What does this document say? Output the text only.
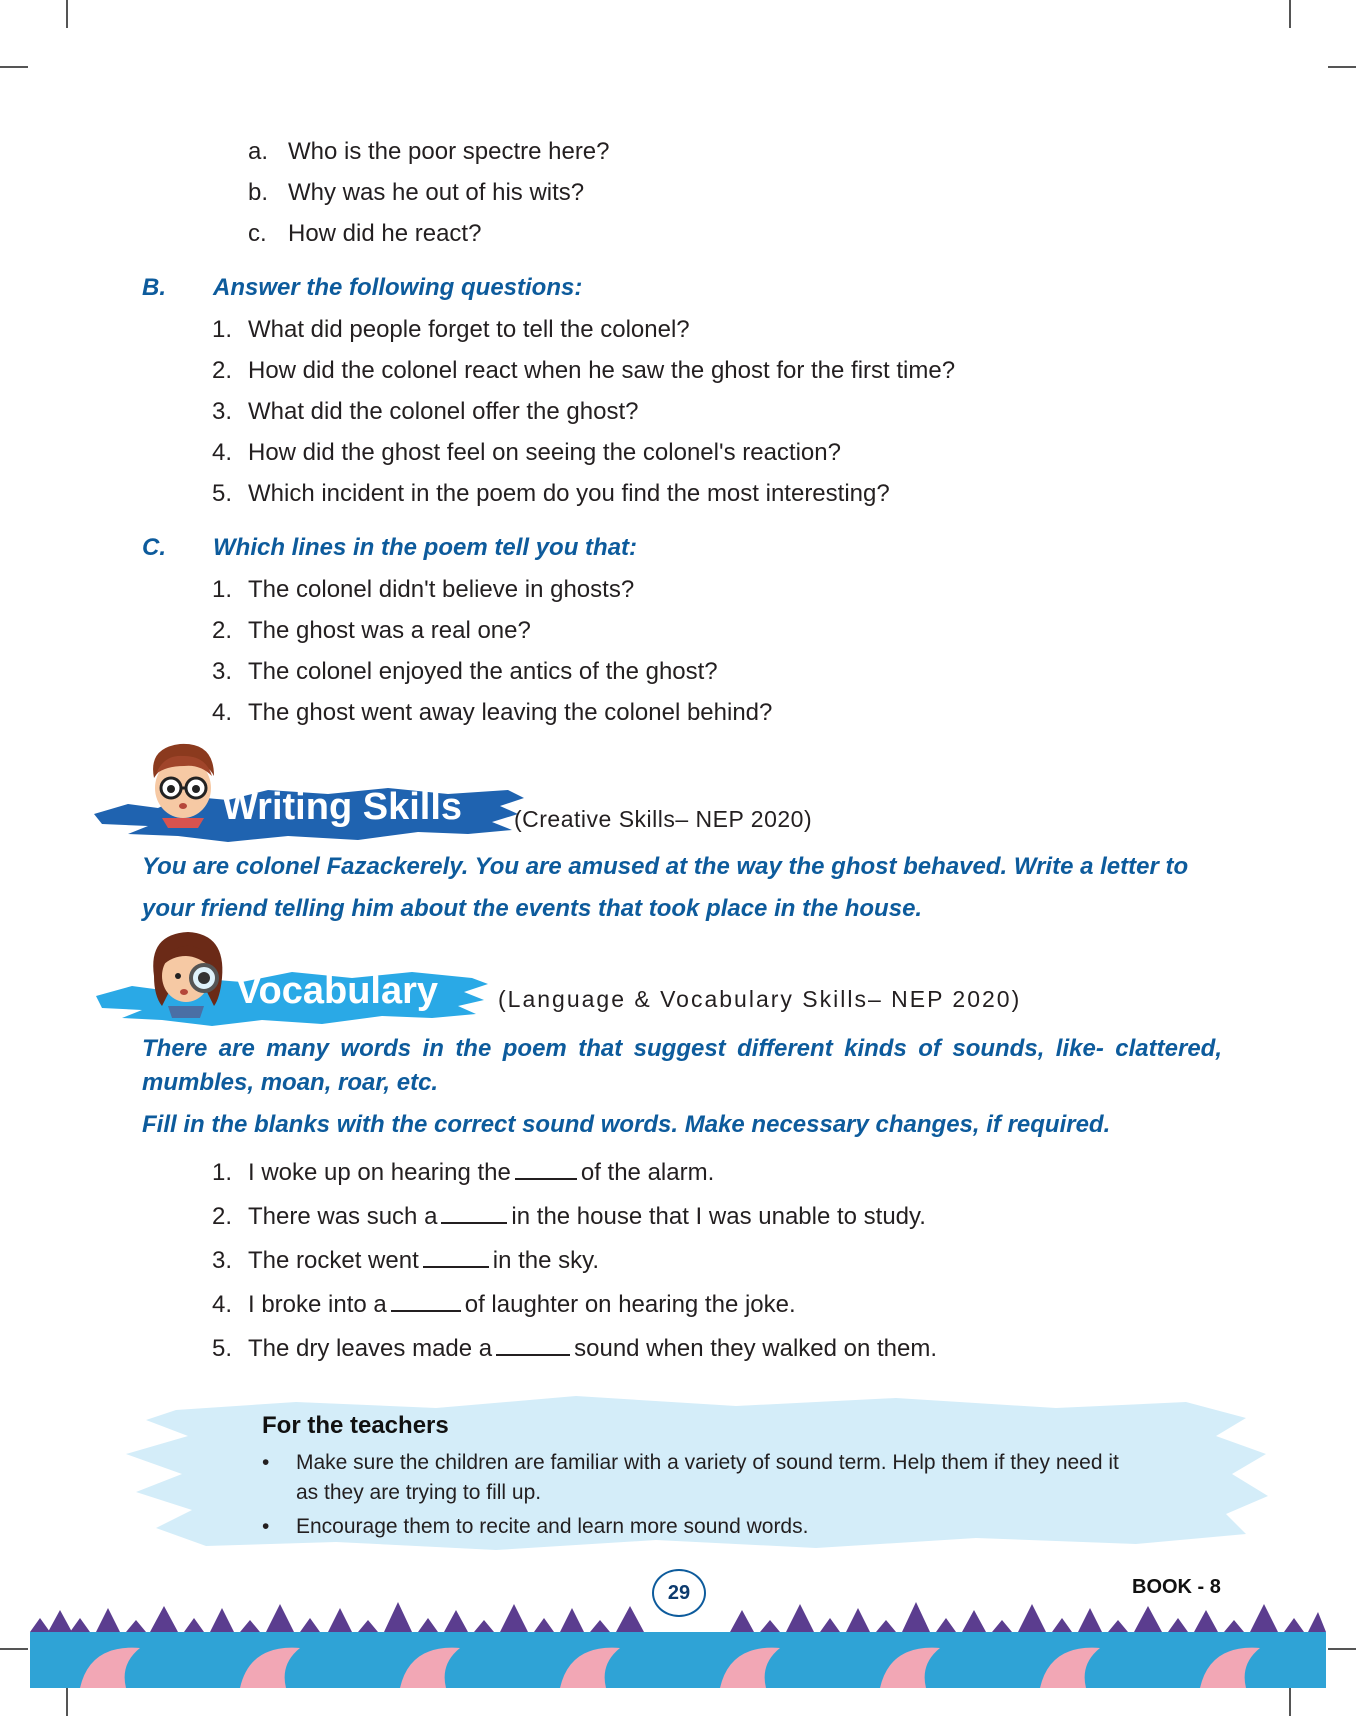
a. Who is the poor spectre here?
b. Why was he out of his wits?
c. How did he react?
B. Answer the following questions:
1. What did people forget to tell the colonel?
2. How did the colonel react when he saw the ghost for the first time?
3. What did the colonel offer the ghost?
4. How did the ghost feel on seeing the colonel's reaction?
5. Which incident in the poem do you find the most interesting?
C. Which lines in the poem tell you that:
1. The colonel didn't believe in ghosts?
2. The ghost was a real one?
3. The colonel enjoyed the antics of the ghost?
4. The ghost went away leaving the colonel behind?
Writing Skills (Creative Skills– NEP 2020)
You are colonel Fazackerely. You are amused at the way the ghost behaved. Write a letter to your friend telling him about the events that took place in the house.
Vocabulary	(Language & Vocabulary Skills– NEP 2020)
There are many words in the poem that suggest different kinds of sounds, like- clattered, mumbles, moan, roar, etc.
Fill in the blanks with the correct sound words. Make necessary changes, if required.
1. I woke up on hearing the	of the alarm.
2. There was such a	in the house that I was unable to study.
3. The rocket went	in the sky.
4. I broke into a	of laughter on hearing the joke.
5. The dry leaves made a	sound when they walked on them.
For the teachers
• Make sure the children are familiar with a variety of sound term. Help them if they need it as they are trying to fill up.
• Encourage them to recite and learn more sound words.
29	BOOK - 8
